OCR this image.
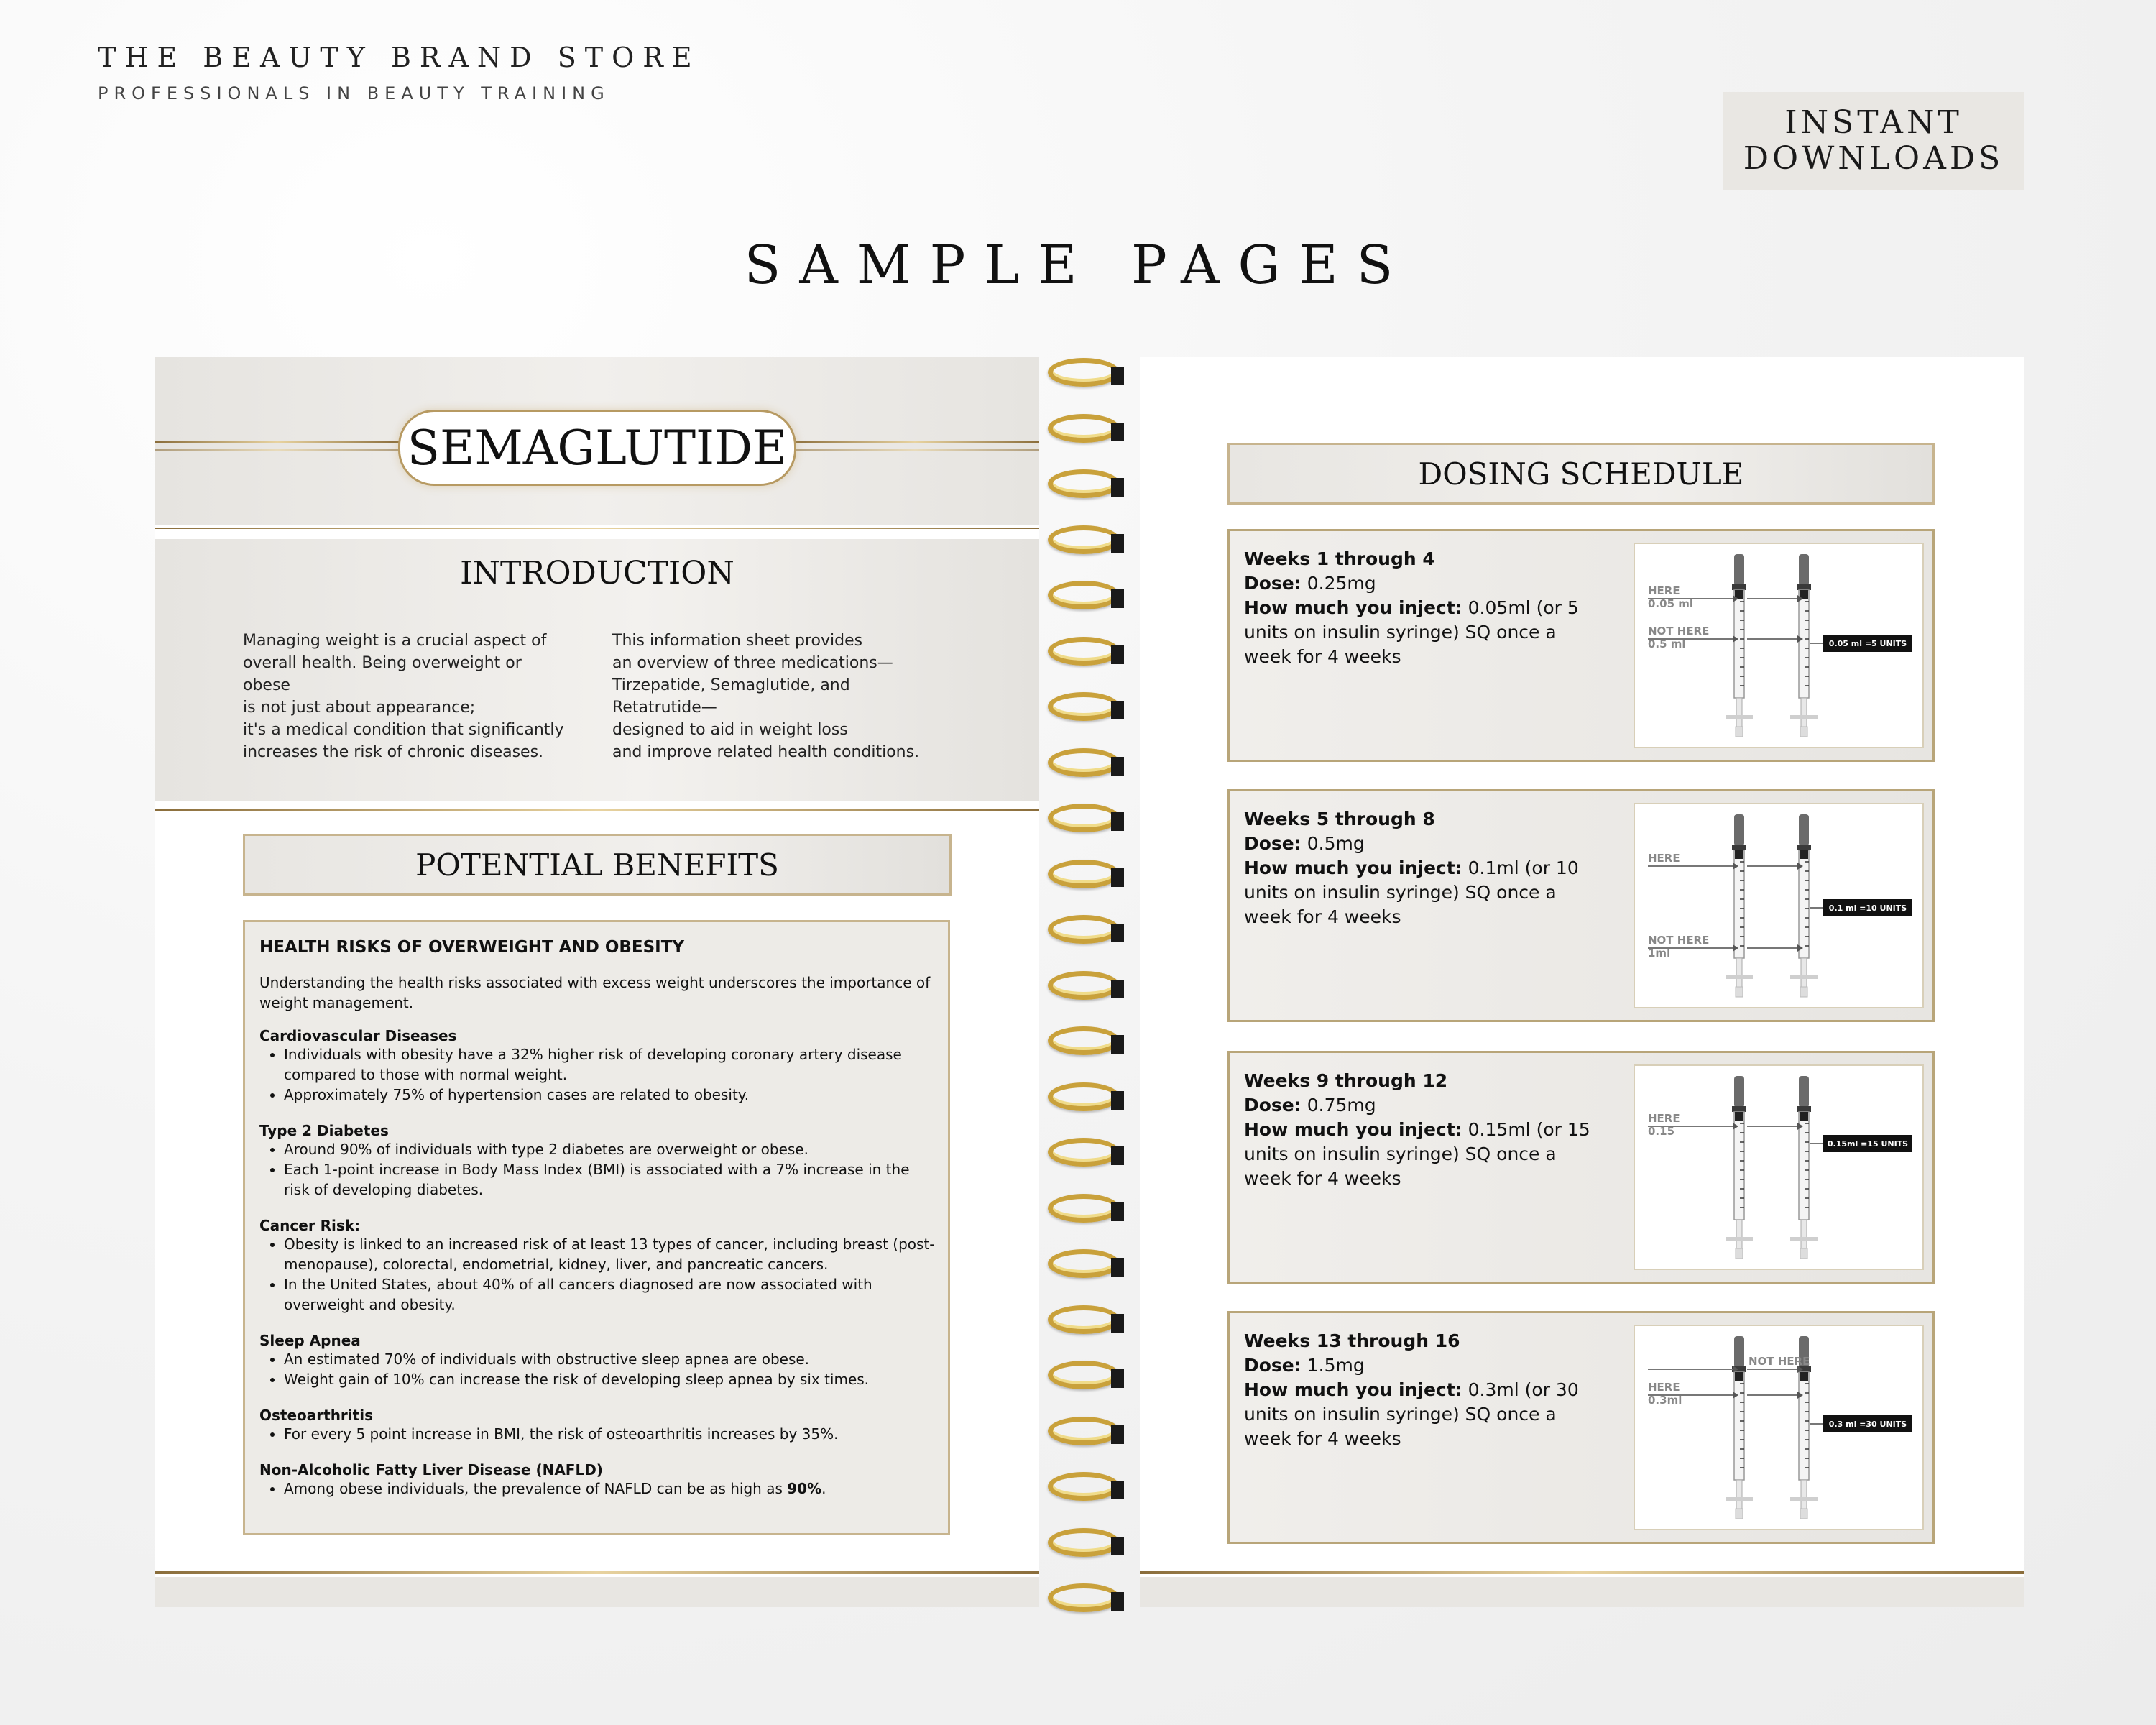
THE BEAUTY BRAND STORE
PROFESSIONALS IN BEAUTY TRAINING
INSTANT
DOWNLOADS
SAMPLE PAGES
SEMAGLUTIDE
INTRODUCTION
Managing weight is a crucial aspect of
overall health. Being overweight or obese
is not just about appearance;
it's a medical condition that significantly
increases the risk of chronic diseases.
This information sheet provides
an overview of three medications—
Tirzepatide, Semaglutide, and Retatrutide—
designed to aid in weight loss
and improve related health conditions.
POTENTIAL BENEFITS
HEALTH RISKS OF OVERWEIGHT AND OBESITY
Understanding the health risks associated with excess weight underscores the importance of weight management.
Cardiovascular Diseases
• Individuals with obesity have a 32% higher risk of developing coronary artery disease compared to those with normal weight.
• Approximately 75% of hypertension cases are related to obesity.
Type 2 Diabetes
• Around 90% of individuals with type 2 diabetes are overweight or obese.
• Each 1-point increase in Body Mass Index (BMI) is associated with a 7% increase in the risk of developing diabetes.
Cancer Risk:
• Obesity is linked to an increased risk of at least 13 types of cancer, including breast (post-menopause), colorectal, endometrial, kidney, liver, and pancreatic cancers.
• In the United States, about 40% of all cancers diagnosed are now associated with overweight and obesity.
Sleep Apnea
• An estimated 70% of individuals with obstructive sleep apnea are obese.
• Weight gain of 10% can increase the risk of developing sleep apnea by six times.
Osteoarthritis
• For every 5 point increase in BMI, the risk of osteoarthritis increases by 35%.
Non-Alcoholic Fatty Liver Disease (NAFLD)
• Among obese individuals, the prevalence of NAFLD can be as high as 90%.
DOSING SCHEDULE
Weeks 1 through 4
Dose: 0.25mg
How much you inject: 0.05ml (or 5 units on insulin syringe) SQ once a week for 4 weeks
HERE
0.05 ml
NOT HERE
0.5 ml	0.05 ml =5 UNITS
Weeks 5 through 8
Dose: 0.5mg
How much you inject: 0.1ml (or 10 units on insulin syringe) SQ once a week for 4 weeks
HERE
NOT HERE
1ml
0.1 ml =10 UNITS
Weeks 9 through 12
Dose: 0.75mg
How much you inject: 0.15ml (or 15 units on insulin syringe) SQ once a week for 4 weeks
HERE
0.15
0.15ml =15 UNITS
Weeks 13 through 16
Dose: 1.5mg
How much you inject: 0.3ml (or 30 units on insulin syringe) SQ once a week for 4 weeks
HERE
0.3ml
NOT HERE
0.3 ml =30 UNITS
